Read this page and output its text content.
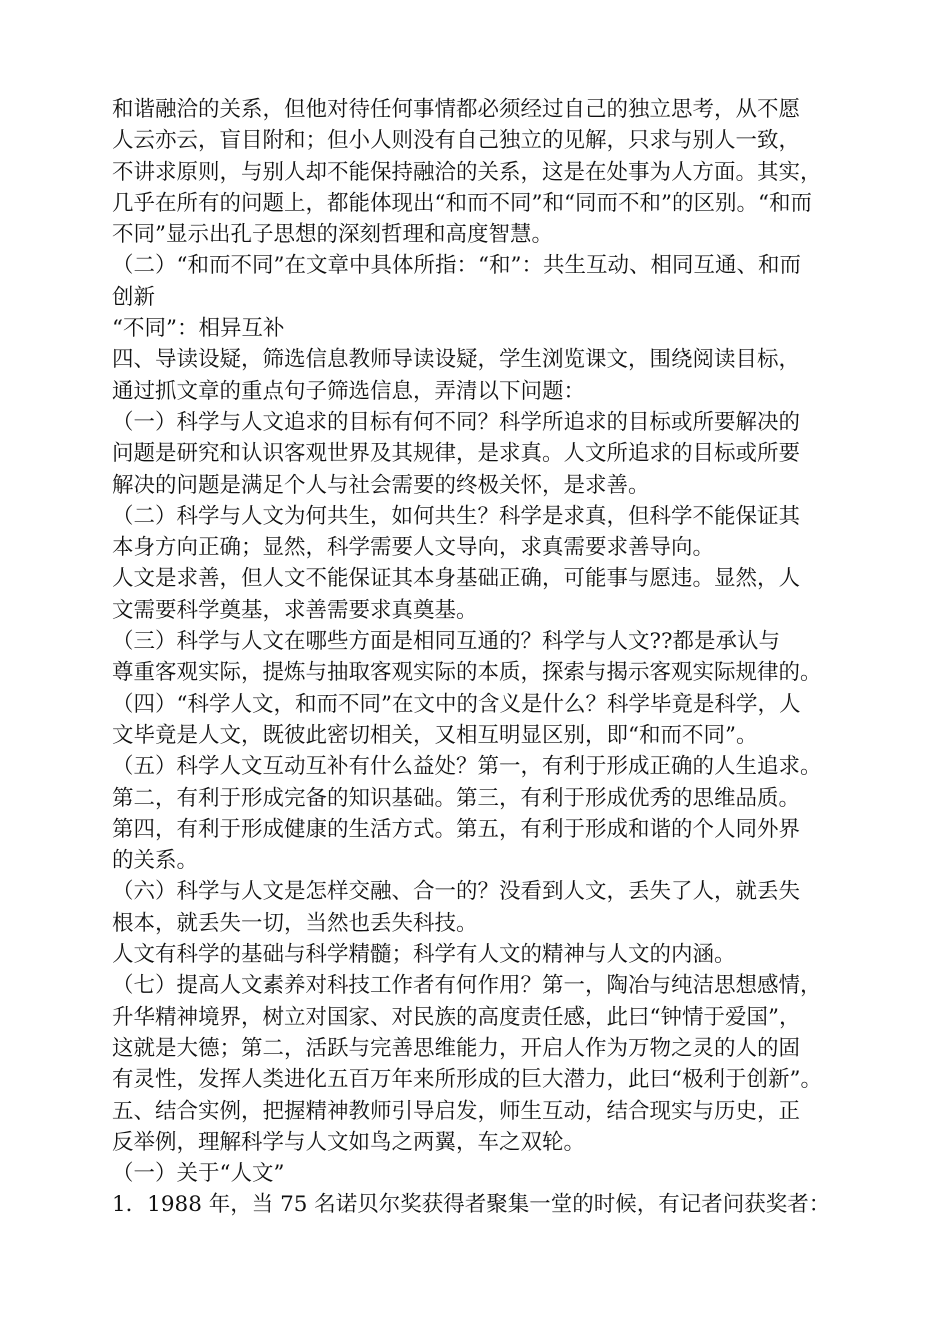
和谐融洽的关系，但他对待任何事情都必须经过自己的独立思考，从不愿
人云亦云，盲目附和；但小人则没有自己独立的见解，只求与别人一致，
不讲求原则，与别人却不能保持融洽的关系，这是在处事为人方面。其实，
几乎在所有的问题上，都能体现出“和而不同”和“同而不和”的区别。“和而
不同”显示出孔子思想的深刻哲理和高度智慧。
（二）“和而不同”在文章中具体所指：“和”：共生互动、相同互通、和而
创新
“不同”：相异互补
四、导读设疑，筛选信息教师导读设疑，学生浏览课文，围绕阅读目标，
通过抓文章的重点句子筛选信息，弄清以下问题：
（一）科学与人文追求的目标有何不同？科学所追求的目标或所要解决的
问题是研究和认识客观世界及其规律，是求真。人文所追求的目标或所要
解决的问题是满足个人与社会需要的终极关怀，是求善。
（二）科学与人文为何共生，如何共生？科学是求真，但科学不能保证其
本身方向正确；显然，科学需要人文导向，求真需要求善导向。
人文是求善，但人文不能保证其本身基础正确，可能事与愿违。显然，人
文需要科学奠基，求善需要求真奠基。
（三）科学与人文在哪些方面是相同互通的？科学与人文??都是承认与
尊重客观实际，提炼与抽取客观实际的本质，探索与揭示客观实际规律的。
（四）“科学人文，和而不同”在文中的含义是什么？科学毕竟是科学，人
文毕竟是人文，既彼此密切相关，又相互明显区别，即“和而不同”。
（五）科学人文互动互补有什么益处？第一，有利于形成正确的人生追求。
第二，有利于形成完备的知识基础。第三，有利于形成优秀的思维品质。
第四，有利于形成健康的生活方式。第五，有利于形成和谐的个人同外界
的关系。
（六）科学与人文是怎样交融、合一的？没看到人文，丢失了人，就丢失
根本，就丢失一切，当然也丢失科技。
人文有科学的基础与科学精髓；科学有人文的精神与人文的内涵。
（七）提高人文素养对科技工作者有何作用？第一，陶冶与纯洁思想感情，
升华精神境界，树立对国家、对民族的高度责任感，此曰“钟情于爱国”，
这就是大德；第二，活跃与完善思维能力，开启人作为万物之灵的人的固
有灵性，发挥人类进化五百万年来所形成的巨大潜力，此曰“极利于创新”。
五、结合实例，把握精神教师引导启发，师生互动，结合现实与历史，正
反举例，理解科学与人文如鸟之两翼，车之双轮。
（一）关于“人文”
1．1988 年，当 75 名诺贝尔奖获得者聚集一堂的时候，有记者问获奖者：
